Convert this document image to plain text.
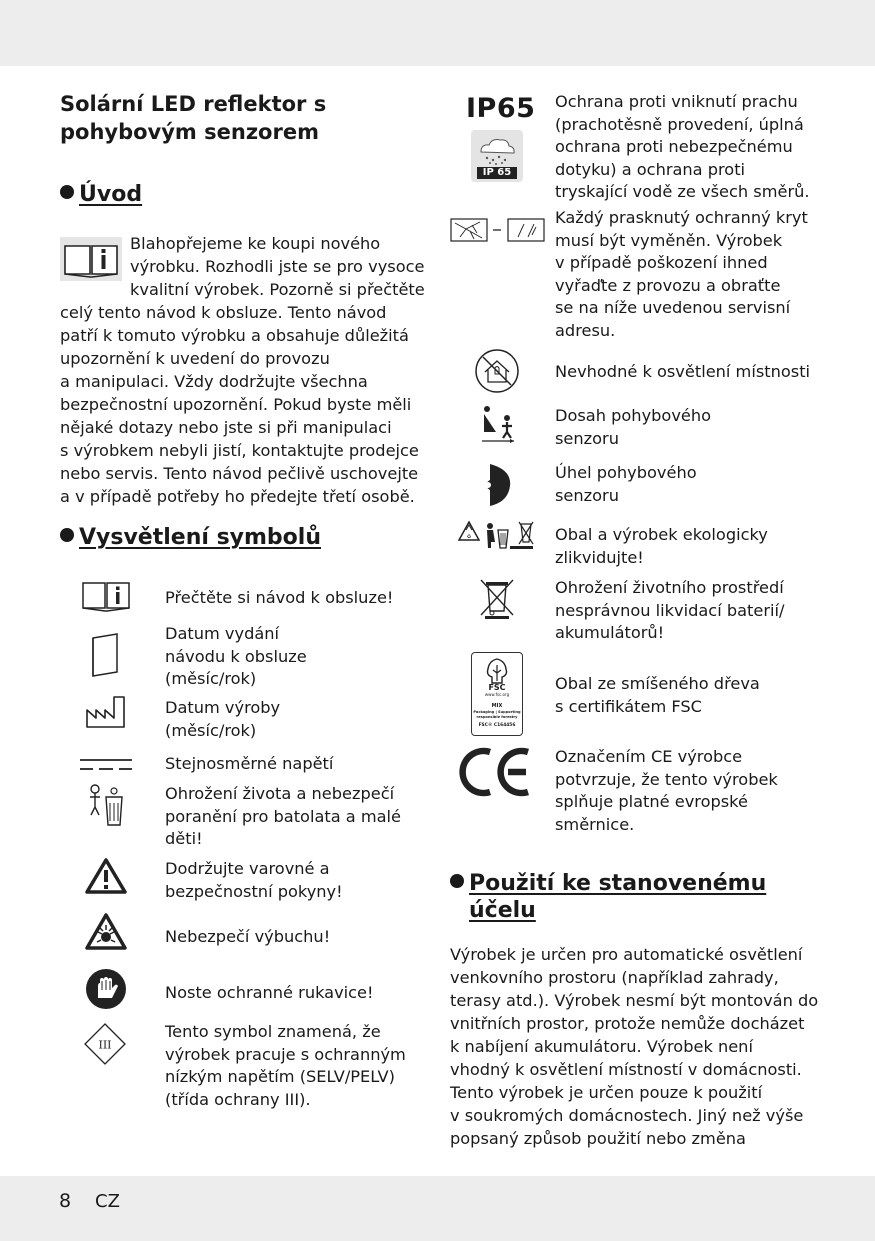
Solární LED reflektor s pohybovým senzorem
Úvod
Blahopřejeme ke koupi nového
výrobku. Rozhodli jste se pro vysoce
kvalitní výrobek. Pozorně si přečtěte
celý tento návod k obsluze. Tento návod
patří k tomuto výrobku a obsahuje důležitá
upozornění k uvedení do provozu
a manipulaci. Vždy dodržujte všechna
bezpečnostní upozornění. Pokud byste měli
nějaké dotazy nebo jste si při manipulaci
s výrobkem nebyli jistí, kontaktujte prodejce
nebo servis. Tento návod pečlivě uschovejte
a v případě potřeby ho předejte třetí osobě.
Vysvětlení symbolů
Přečtěte si návod k obsluze!
Datum vydání
návodu k obsluze
(měsíc/rok)
Datum výroby
(měsíc/rok)
Stejnosměrné napětí
Ohrožení života a nebezpečí
poranění pro batolata a malé
děti!
Dodržujte varovné a
bezpečnostní pokyny!
Nebezpečí výbuchu!
Noste ochranné rukavice!
III
Tento symbol znamená, že
výrobek pracuje s ochranným
nízkým napětím (SELV/PELV)
(třída ochrany III).
IP65
IP 65
Ochrana proti vniknutí prachu
(prachotěsně provedení, úplná
ochrana proti nebezpečnému
dotyku) a ochrana proti
tryskající vodě ze všech směrů.
Každý prasknutý ochranný kryt
musí být vyměněn. Výrobek
v případě poškození ihned
vyřaďte z provozu a obraťte
se na níže uvedenou servisní
adresu.
Nevhodné k osvětlení místnosti
Dosah pohybového
senzoru
Úhel pohybového
senzoru
♻	Obal a výrobek ekologicky
zlikvidujte!
Ohrožení životního prostředí
nesprávnou likvidací baterií/
akumulátorů!
FSC
www.fsc.org
MIX
Packaging | Supporting
responsible forestry
FSC® C164456
Obal ze smíšeného dřeva
s certifikátem FSC
Označením CE výrobce
potvrzuje, že tento výrobek
splňuje platné evropské
směrnice.
Použití ke stanovenému
účelu
Výrobek je určen pro automatické osvětlení
venkovního prostoru (například zahrady,
terasy atd.). Výrobek nesmí být montován do
vnitřních prostor, protože nemůže docházet
k nabíjení akumulátoru. Výrobek není
vhodný k osvětlení místností v domácnosti.
Tento výrobek je určen pouze k použití
v soukromých domácnostech. Jiný než výše
popsaný způsob použití nebo změna
8 CZ
